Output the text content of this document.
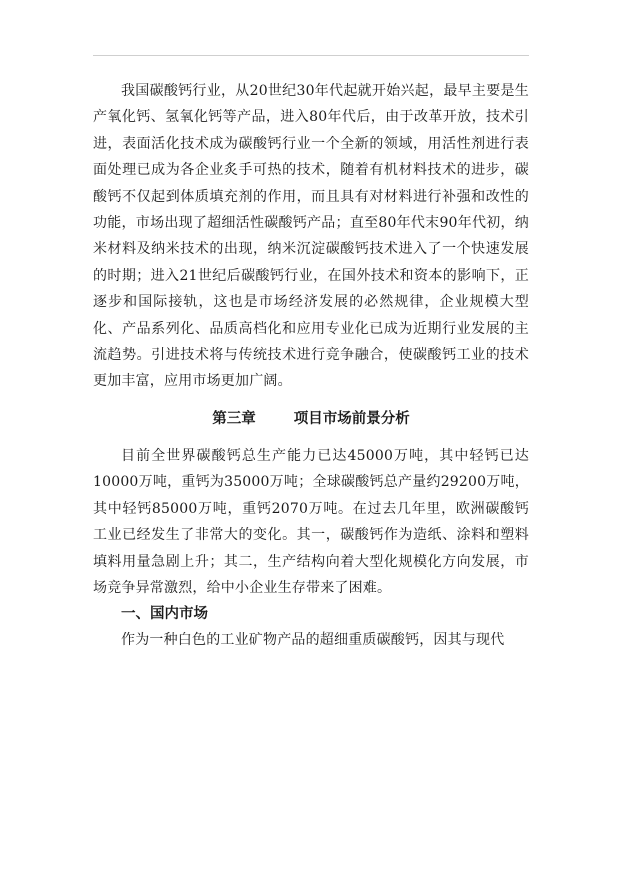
我国碳酸钙行业，从20世纪30年代起就开始兴起，最早主要是生产氧化钙、氢氧化钙等产品，进入80年代后，由于改革开放，技术引进，表面活化技术成为碳酸钙行业一个全新的领域，用活性剂进行表面处理已成为各企业炙手可热的技术，随着有机材料技术的进步，碳酸钙不仅起到体质填充剂的作用，而且具有对材料进行补强和改性的功能，市场出现了超细活性碳酸钙产品；直至80年代末90年代初，纳米材料及纳米技术的出现，纳米沉淀碳酸钙技术进入了一个快速发展的时期；进入21世纪后碳酸钙行业，在国外技术和资本的影响下，正逐步和国际接轨，这也是市场经济发展的必然规律，企业规模大型化、产品系列化、品质高档化和应用专业化已成为近期行业发展的主流趋势。引进技术将与传统技术进行竞争融合，使碳酸钙工业的技术更加丰富，应用市场更加广阔。

第三章	项目市场前景分析

目前全世界碳酸钙总生产能力已达45000万吨，其中轻钙已达10000万吨，重钙为35000万吨；全球碳酸钙总产量约29200万吨，其中轻钙85000万吨，重钙2070万吨。在过去几年里，欧洲碳酸钙工业已经发生了非常大的变化。其一，碳酸钙作为造纸、涂料和塑料填料用量急剧上升；其二，生产结构向着大型化规模化方向发展，市场竞争异常激烈，给中小企业生存带来了困难。

一、国内市场

作为一种白色的工业矿物产品的超细重质碳酸钙，因其与现代
